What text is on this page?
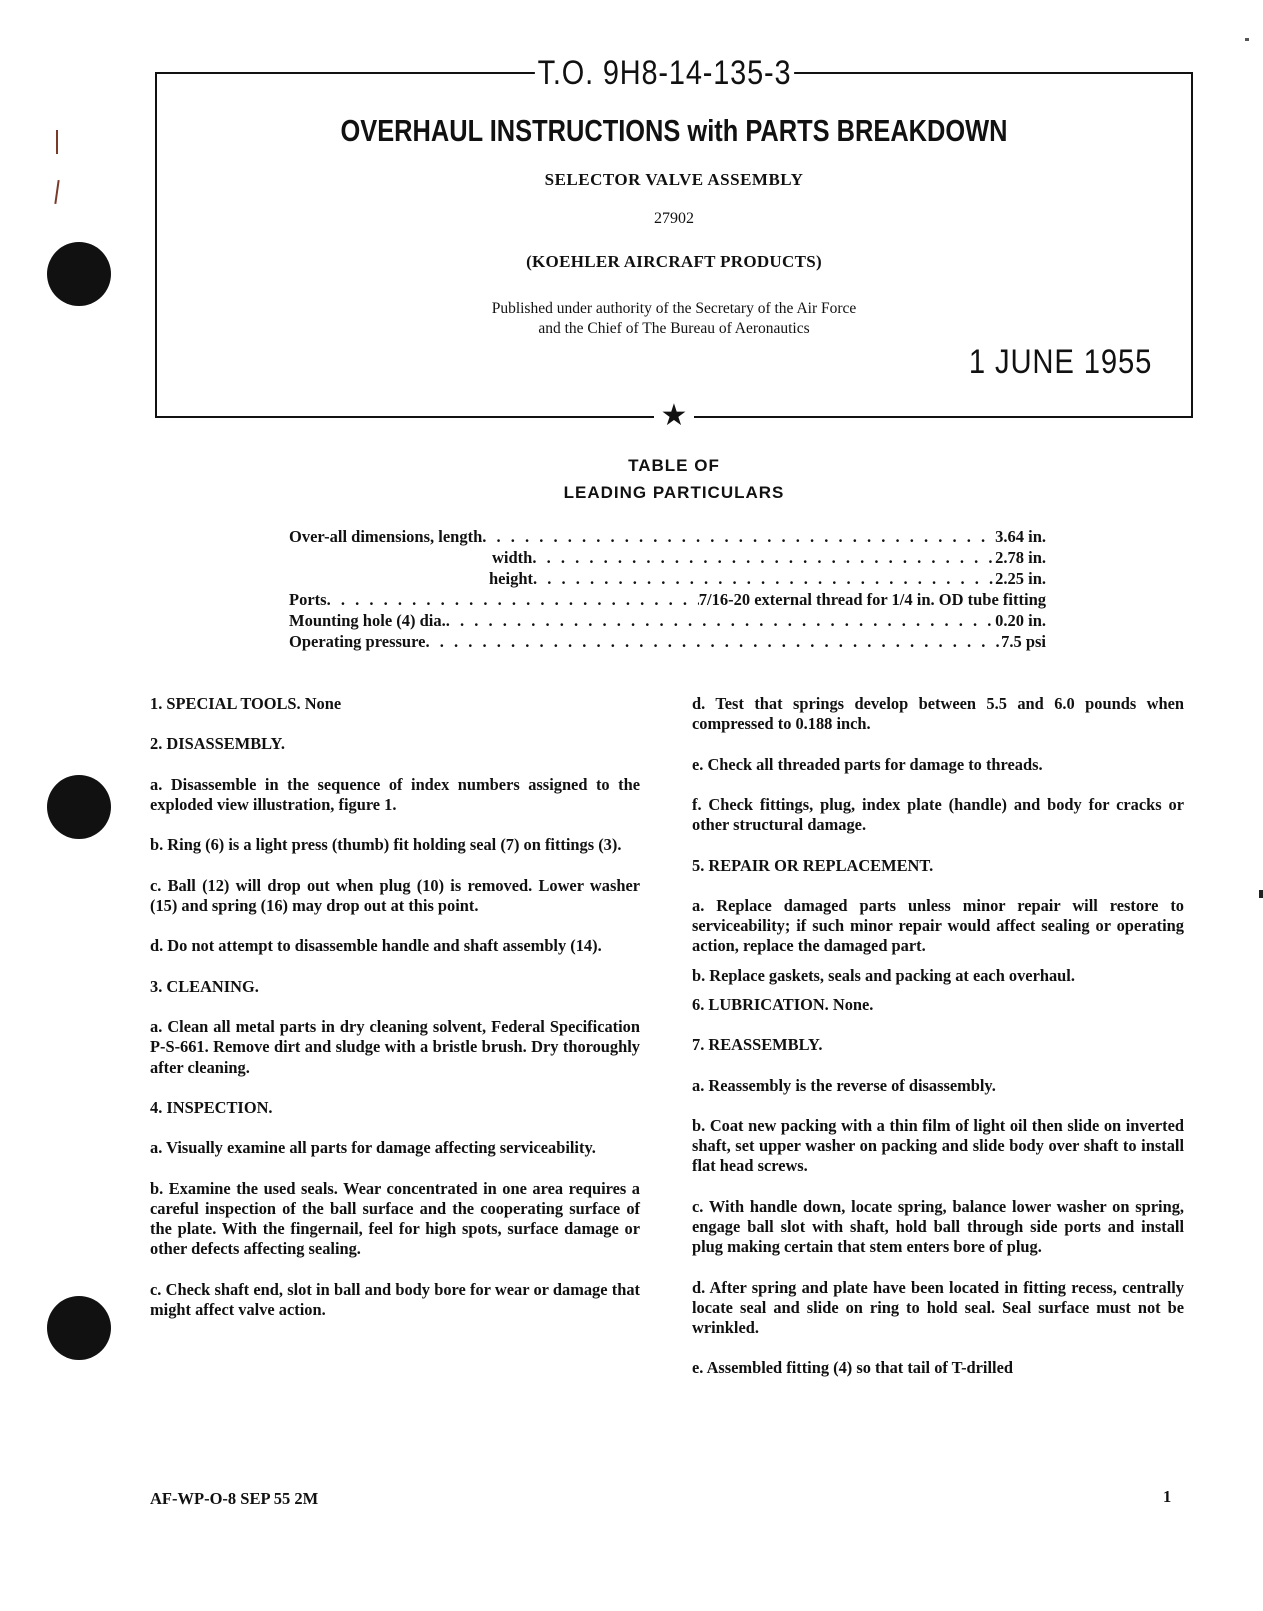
T.O. 9H8-14-135-3
OVERHAUL INSTRUCTIONS with PARTS BREAKDOWN
SELECTOR VALVE ASSEMBLY
27902
(KOEHLER AIRCRAFT PRODUCTS)
Published under authority of the Secretary of the Air Force
and the Chief of The Bureau of Aeronautics
1 JUNE 1955
★
TABLE OF
LEADING PARTICULARS
Over-all dimensions, length . . .	3.64 in.
width . . .	2.78 in.
height . . .	2.25 in.
Ports . . .	7/16-20 external thread for 1/4 in. OD tube fitting
Mounting hole (4) dia. . . .	0.20 in.
Operating pressure . . .	7.5 psi

1. SPECIAL TOOLS. None

2. DISASSEMBLY.

a. Disassemble in the sequence of index numbers assigned to the exploded view illustration, figure 1.

b. Ring (6) is a light press (thumb) fit holding seal (7) on fittings (3).

c. Ball (12) will drop out when plug (10) is removed. Lower washer (15) and spring (16) may drop out at this point.

d. Do not attempt to disassemble handle and shaft assembly (14).

3. CLEANING.

a. Clean all metal parts in dry cleaning solvent, Federal Specification P-S-661. Remove dirt and sludge with a bristle brush. Dry thoroughly after cleaning.

4. INSPECTION.

a. Visually examine all parts for damage affecting serviceability.

b. Examine the used seals. Wear concentrated in one area requires a careful inspection of the ball surface and the cooperating surface of the plate. With the fingernail, feel for high spots, surface damage or other defects affecting sealing.

c. Check shaft end, slot in ball and body bore for wear or damage that might affect valve action.

d. Test that springs develop between 5.5 and 6.0 pounds when compressed to 0.188 inch.

e. Check all threaded parts for damage to threads.

f. Check fittings, plug, index plate (handle) and body for cracks or other structural damage.

5. REPAIR OR REPLACEMENT.

a. Replace damaged parts unless minor repair will restore to serviceability; if such minor repair would affect sealing or operating action, replace the damaged part.

b. Replace gaskets, seals and packing at each overhaul.

6. LUBRICATION. None.

7. REASSEMBLY.

a. Reassembly is the reverse of disassembly.

b. Coat new packing with a thin film of light oil then slide on inverted shaft, set upper washer on packing and slide body over shaft to install flat head screws.

c. With handle down, locate spring, balance lower washer on spring, engage ball slot with shaft, hold ball through side ports and install plug making certain that stem enters bore of plug.

d. After spring and plate have been located in fitting recess, centrally locate seal and slide on ring to hold seal. Seal surface must not be wrinkled.

e. Assembled fitting (4) so that tail of T-drilled

AF-WP-O-8 SEP 55 2M	1
